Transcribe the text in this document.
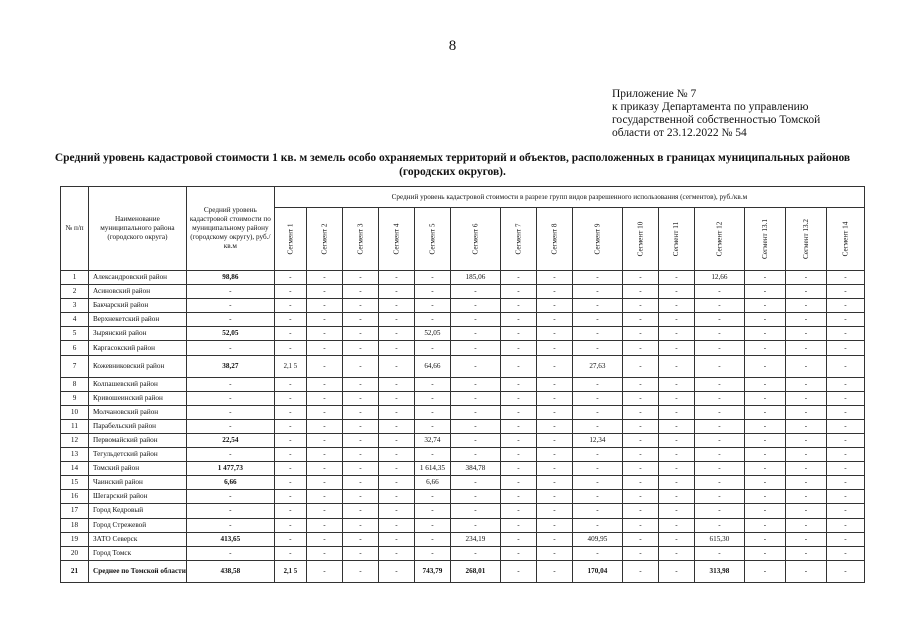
8
Приложение № 7
к приказу Департамента по управлению
государственной собственностью Томской
области от 23.12.2022 № 54
Средний уровень кадастровой стоимости 1 кв. м земель особо охраняемых территорий и объектов, расположенных в границах муниципальных районов (городских округов).
№ п/п	Наименование муниципального района (городского округа)	Средний уровень кадастровой стоимости по муниципальному району (городскому округу), руб./кв.м	Средний уровень кадастровой стоимости в разрезе групп видов разрешенного использования (сегментов), руб./кв.м														
			Сегмент 1	Сегмент 2	Сегмент 3	Сегмент 4	Сегмент 5	Сегмент 6	Сегмент 7	Сегмент 8	Сегмент 9	Сегмент 10	Сегмент 11	Сегмент 12	Сегмент 13.1	Сегмент 13.2	Сегмент 14
1	Александровский район	98,86	-	-	-	-	-	185,06	-	-	-	-	-	12,66	-	-	-
2	Асиновский район	-	-	-	-	-	-	-	-	-	-	-	-	-	-	-	-
3	Бакчарский район	-	-	-	-	-	-	-	-	-	-	-	-	-	-	-	-
4	Верхнекетский район	-	-	-	-	-	-	-	-	-	-	-	-	-	-	-	-
5	Зырянский район	52,05	-	-	-	-	52,05	-	-	-	-	-	-	-	-	-	-
6	Каргасокский район	-	-	-	-	-	-	-	-	-	-	-	-	-	-	-	-
7	Кожевниковский район	38,27	2,1 5	-	-	-	64,66	-	-	-	27,63	-	-	-	-	-	-
8	Колпашевский район	-	-	-	-	-	-	-	-	-	-	-	-	-	-	-	-
9	Кривошеинский район	-	-	-	-	-	-	-	-	-	-	-	-	-	-	-	-
10	Молчановский район	-	-	-	-	-	-	-	-	-	-	-	-	-	-	-	-
11	Парабельский район	-	-	-	-	-	-	-	-	-	-	-	-	-	-	-	-
12	Первомайский район	22,54	-	-	-	-	32,74	-	-	-	12,34	-	-	-	-	-	-
13	Тегульдетский район	-	-	-	-	-	-	-	-	-	-	-	-	-	-	-	-
14	Томский район	1 477,73	-	-	-	-	1 614,35	384,78	-	-	-	-	-	-	-	-	-
15	Чаинский район	6,66	-	-	-	-	6,66	-	-	-	-	-	-	-	-	-	-
16	Шегарский район	-	-	-	-	-	-	-	-	-	-	-	-	-	-	-	-
17	Город Кедровый	-	-	-	-	-	-	-	-	-	-	-	-	-	-	-	-
18	Город Стрежевой	-	-	-	-	-	-	-	-	-	-	-	-	-	-	-	-
19	ЗАТО Северск	413,65	-	-	-	-	-	234,19	-	-	409,95	-	-	615,30	-	-	-
20	Город Томск	-	-	-	-	-	-	-	-	-	-	-	-	-	-	-	-
21	Среднее по Томской области	438,58	2,1 5	-	-	-	743,79	268,01	-	-	170,04	-	-	313,98	-	-	-
